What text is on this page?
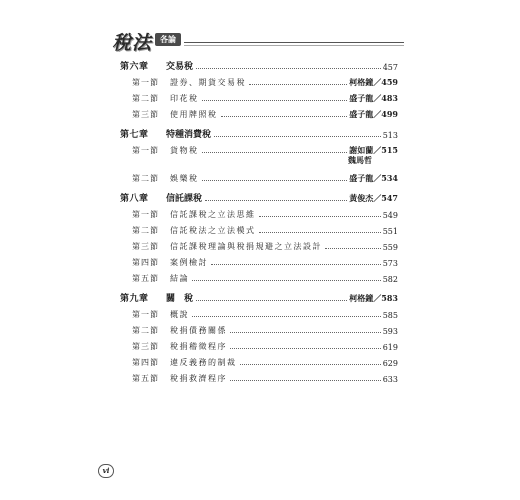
稅法 各論
第六章	交易稅	457
第一節	證券、期貨交易稅	柯格鐘／459
第二節	印花稅	盛子龍／483
第三節	使用牌照稅	盛子龍／499
第七章	特種消費稅	513
第一節	貨物稅	謝如蘭／515
魏馬哲
第二節	娛樂稅	盛子龍／534
第八章	信託課稅	黃俊杰／547
第一節	信託課稅之立法思維	549
第二節	信託稅法之立法模式	551
第三節	信託課稅理論與稅捐規避之立法設計	559
第四節	案例檢討	573
第五節	結論	582
第九章	關　稅	柯格鐘／583
第一節	概說	585
第二節	稅捐債務關係	593
第三節	稅捐稽徵程序	619
第四節	違反義務的制裁	629
第五節	稅捐救濟程序	633
vi
